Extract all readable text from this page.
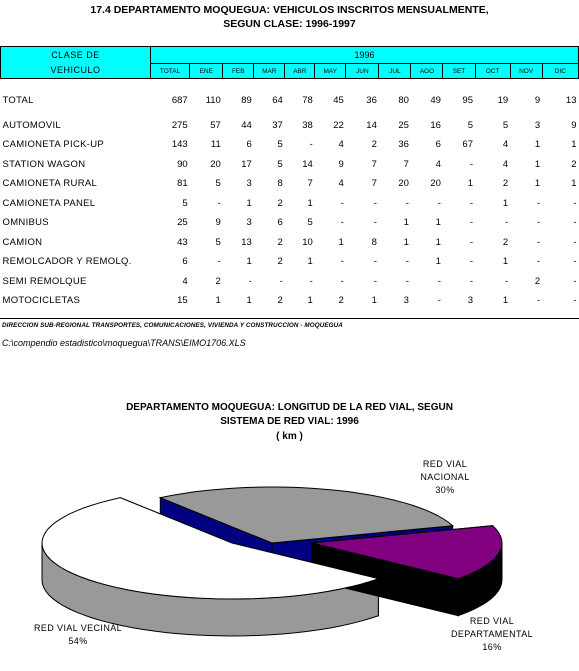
17.4 DEPARTAMENTO MOQUEGUA: VEHICULOS INSCRITOS MENSUALMENTE,
SEGUN CLASE: 1996-1997
CLASE DE
VEHICULO	1996												
	TOTAL	ENE	FEB	MAR	ABR	MAY	JUN	JUL	AGO	SET	OCT	NOV	DIC

TOTAL	687	110	89	64	78	45	36	80	49	95	19	9	13

AUTOMOVIL	275	57	44	37	38	22	14	25	16	5	5	3	9
CAMIONETA PICK-UP	143	11	6	5	-	4	2	36	6	67	4	1	1
STATION WAGON	90	20	17	5	14	9	7	7	4	-	4	1	2
CAMIONETA RURAL	81	5	3	8	7	4	7	20	20	1	2	1	1
CAMIONETA PANEL	5	-	1	2	1	-	-	-	-	-	1	-	-
OMNIBUS	25	9	3	6	5	-	-	1	1	-	-	-	-
CAMION	43	5	13	2	10	1	8	1	1	-	2	-	-
REMOLCADOR Y REMOLQ.	6	-	1	2	1	-	-	-	1	-	1	-	-
SEMI REMOLQUE	4	2	-	-	-	-	-	-	-	-	-	2	-
MOTOCICLETAS	15	1	1	2	1	2	1	3	-	3	1	-	-
DIRECCION SUB-REGIONAL TRANSPORTES, COMUNICACIONES, VIVIENDA Y CONSTRUCCION - MOQUEGUA
C:\compendio estadistico\moquegua\TRANS\EIMO1706.XLS
DEPARTAMENTO MOQUEGUA: LONGITUD DE LA RED VIAL, SEGUN
SISTEMA DE RED VIAL: 1996
( km )
RED VIAL
NACIONAL
30%
RED VIAL
DEPARTAMENTAL
16%
RED VIAL VECINAL
54%
